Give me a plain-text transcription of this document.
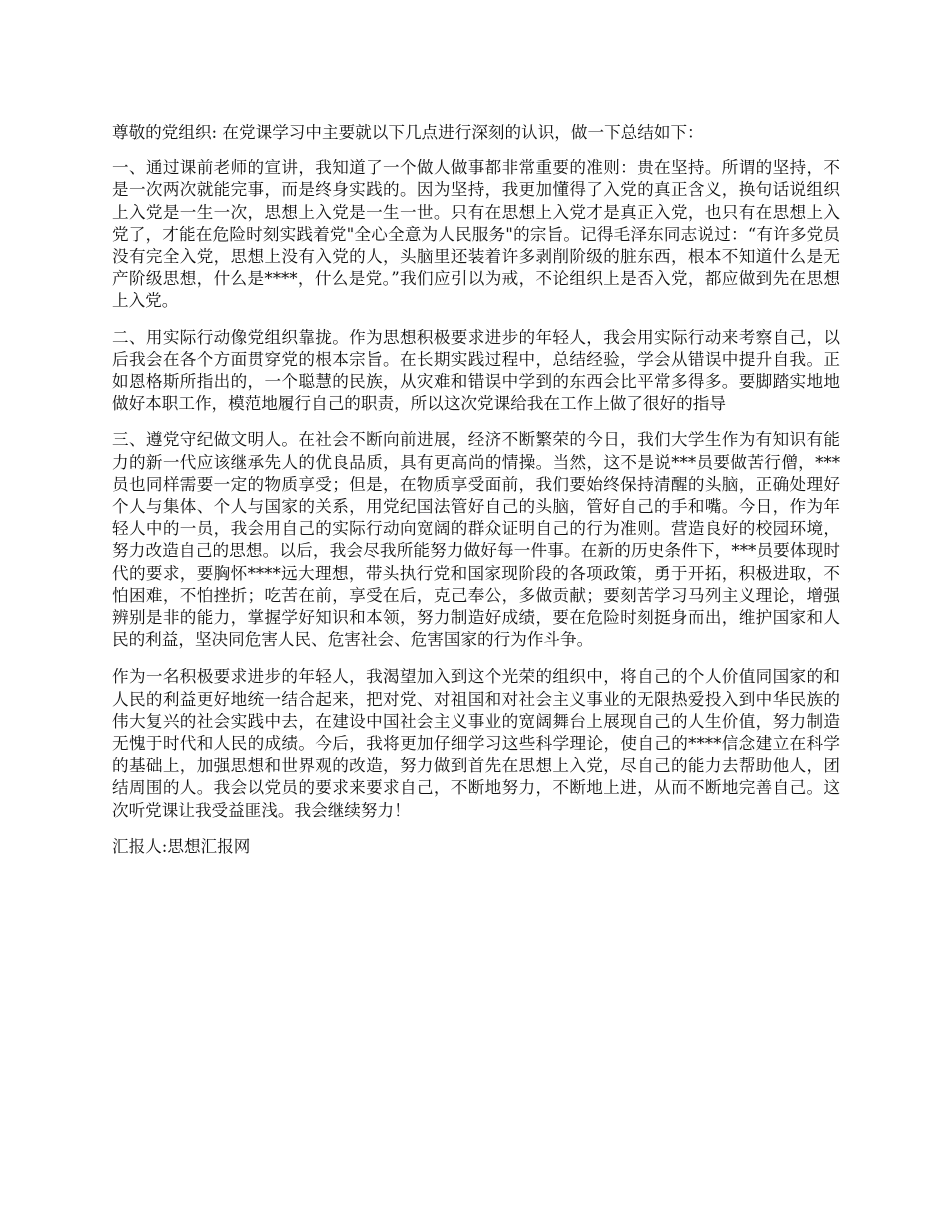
尊敬的党组织: 在党课学习中主要就以下几点进行深刻的认识，做一下总结如下：

一、通过课前老师的宣讲，我知道了一个做人做事都非常重要的准则：贵在坚持。所谓的坚持，不是一次两次就能完事，而是终身实践的。因为坚持，我更加懂得了入党的真正含义，换句话说组织上入党是一生一次，思想上入党是一生一世。只有在思想上入党才是真正入党，也只有在思想上入党了，才能在危险时刻实践着党"全心全意为人民服务"的宗旨。记得毛泽东同志说过：“有许多党员没有完全入党，思想上没有入党的人，头脑里还装着许多剥削阶级的脏东西，根本不知道什么是无产阶级思想，什么是****，什么是党。”我们应引以为戒，不论组织上是否入党，都应做到先在思想上入党。

二、用实际行动像党组织靠拢。作为思想积极要求进步的年轻人，我会用实际行动来考察自己，以后我会在各个方面贯穿党的根本宗旨。在长期实践过程中，总结经验，学会从错误中提升自我。正如恩格斯所指出的，一个聪慧的民族，从灾难和错误中学到的东西会比平常多得多。要脚踏实地地做好本职工作，模范地履行自己的职责，所以这次党课给我在工作上做了很好的指导

三、遵党守纪做文明人。在社会不断向前进展，经济不断繁荣的今日，我们大学生作为有知识有能力的新一代应该继承先人的优良品质，具有更高尚的情操。当然，这不是说***员要做苦行僧，***员也同样需要一定的物质享受；但是，在物质享受面前，我们要始终保持清醒的头脑，正确处理好个人与集体、个人与国家的关系，用党纪国法管好自己的头脑，管好自己的手和嘴。今日，作为年轻人中的一员，我会用自己的实际行动向宽阔的群众证明自己的行为准则。营造良好的校园环境，努力改造自己的思想。以后，我会尽我所能努力做好每一件事。在新的历史条件下，***员要体现时代的要求，要胸怀****远大理想，带头执行党和国家现阶段的各项政策，勇于开拓，积极进取，不怕困难，不怕挫折；吃苦在前，享受在后，克己奉公，多做贡献；要刻苦学习马列主义理论，增强辨别是非的能力，掌握学好知识和本领，努力制造好成绩，要在危险时刻挺身而出，维护国家和人民的利益，坚决同危害人民、危害社会、危害国家的行为作斗争。

作为一名积极要求进步的年轻人，我渴望加入到这个光荣的组织中，将自己的个人价值同国家的和人民的利益更好地统一结合起来，把对党、对祖国和对社会主义事业的无限热爱投入到中华民族的伟大复兴的社会实践中去，在建设中国社会主义事业的宽阔舞台上展现自己的人生价值，努力制造无愧于时代和人民的成绩。今后，我将更加仔细学习这些科学理论，使自己的****信念建立在科学的基础上，加强思想和世界观的改造，努力做到首先在思想上入党，尽自己的能力去帮助他人，团结周围的人。我会以党员的要求来要求自己，不断地努力，不断地上进，从而不断地完善自己。这次听党课让我受益匪浅。我会继续努力！

汇报人:思想汇报网
